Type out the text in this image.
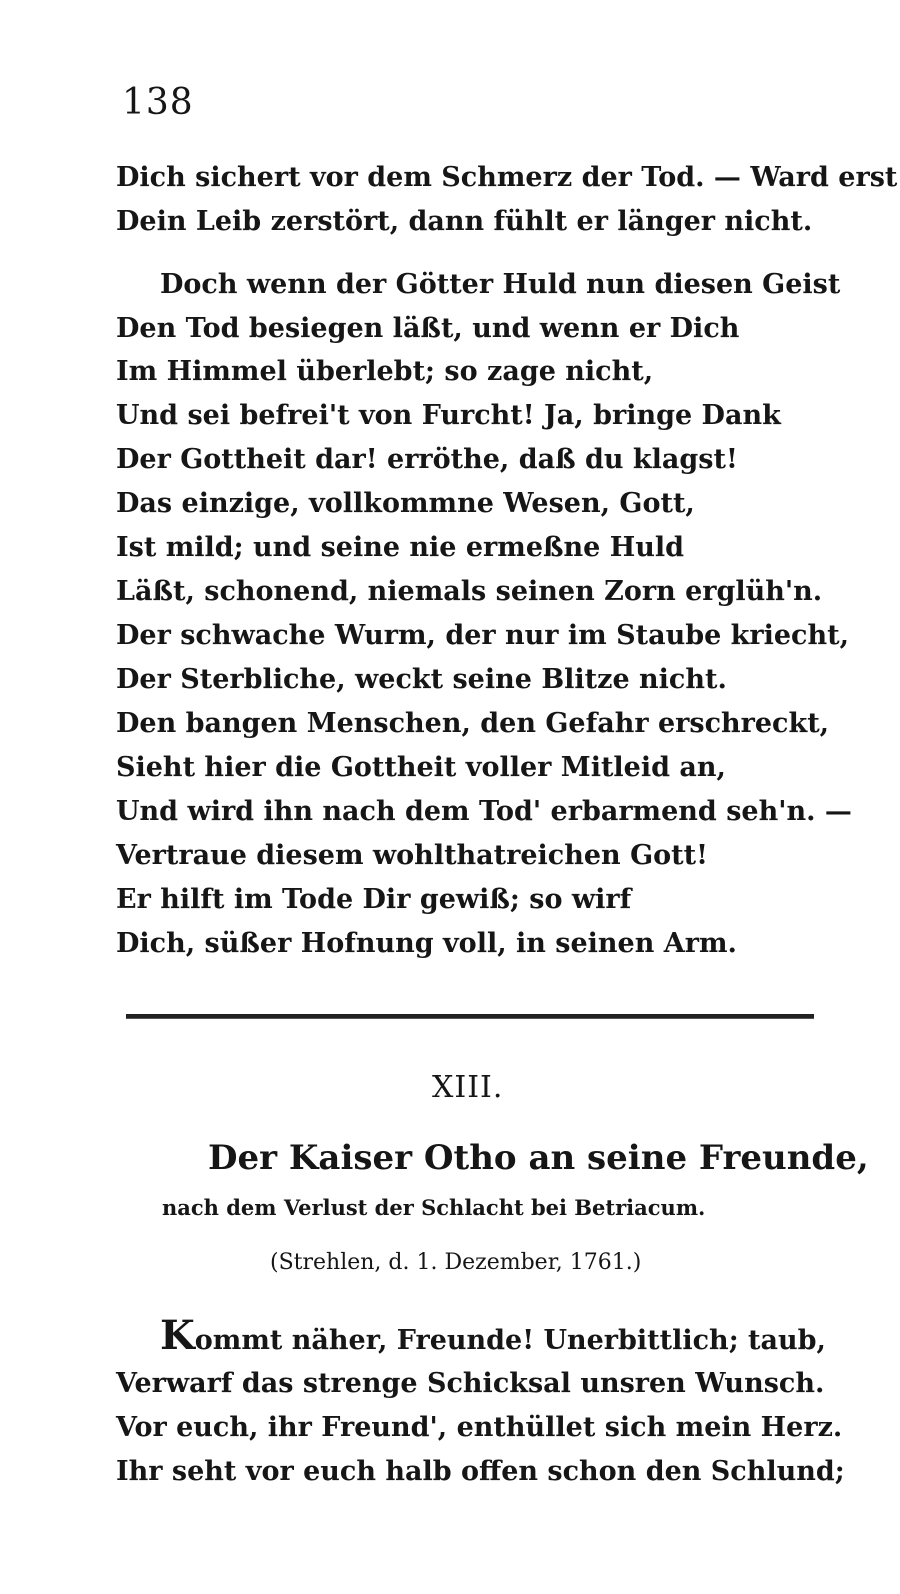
138
Dich sichert vor dem Schmerz der Tod. — Ward erst
Dein Leib zerstört, dann fühlt er länger nicht.
Doch wenn der Götter Huld nun diesen Geist
Den Tod besiegen läßt, und wenn er Dich
Im Himmel überlebt; so zage nicht,
Und sei befrei't von Furcht! Ja, bringe Dank
Der Gottheit dar! erröthe, daß du klagst!
Das einzige, vollkommne Wesen, Gott,
Ist mild; und seine nie ermeßne Huld
Läßt, schonend, niemals seinen Zorn erglüh'n.
Der schwache Wurm, der nur im Staube kriecht,
Der Sterbliche, weckt seine Blitze nicht.
Den bangen Menschen, den Gefahr erschreckt,
Sieht hier die Gottheit voller Mitleid an,
Und wird ihn nach dem Tod' erbarmend seh'n. —
Vertraue diesem wohlthatreichen Gott!
Er hilft im Tode Dir gewiß; so wirf
Dich, süßer Hofnung voll, in seinen Arm.
XIII.
Der Kaiser Otho an seine Freunde,
nach dem Verlust der Schlacht bei Betriacum.
(Strehlen, d. 1. Dezember, 1761.)
Kommt näher, Freunde! Unerbittlich; taub,
Verwarf das strenge Schicksal unsren Wunsch.
Vor euch, ihr Freund', enthüllet sich mein Herz.
Ihr seht vor euch halb offen schon den Schlund;
